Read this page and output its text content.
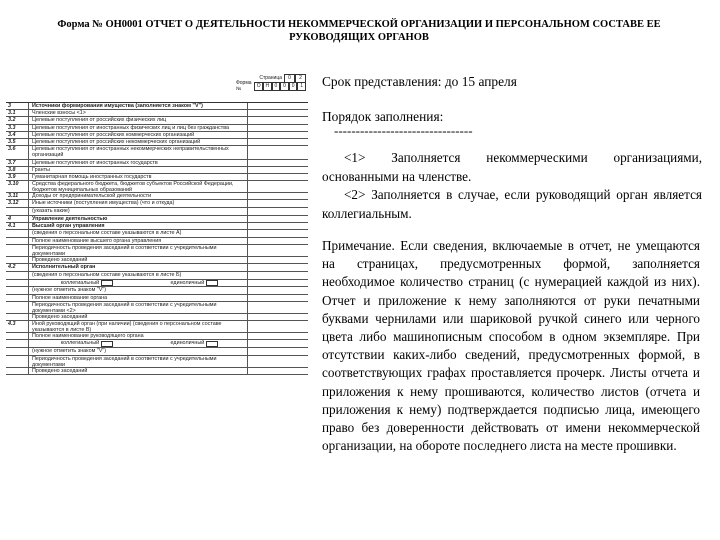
Форма № ОН0001 ОТЧЕТ О ДЕЯТЕЛЬНОСТИ НЕКОММЕРЧЕСКОЙ ОРГАНИЗАЦИИ И ПЕРСОНАЛЬНОМ СОСТАВЕ ЕЕ РУКОВОДЯЩИХ ОРГАНОВ
Страница	0	2
Форма №
О Н	0	0	0	1
3	Источники формирования имущества (заполняется знаком "V")
3.1	Членские взносы <1>
3.2	Целевые поступления от российских физических лиц
3.3	Целевые поступления от иностранных физических лиц и лиц без гражданства
3.4	Целевые поступления от российских коммерческих организаций
3.5	Целевые поступления от российских некоммерческих организаций
3.6	Целевые поступления от иностранных некоммерческих неправительственных организаций
3.7	Целевые поступления от иностранных государств
3.8	Гранты
3.9	Гуманитарная помощь иностранных государств
3.10	Средства федерального бюджета, бюджетов субъектов Российской Федерации, бюджетов муниципальных образований
3.11	Доходы от предпринимательской деятельности
3.12	Иные источники (поступления имущества) (что и откуда)
(указать какие)
4	Управление деятельностью
4.1	Высший орган управления
(сведения о персональном составе указываются в листе А)
Полное наименование высшего органа управления
Периодичность проведения заседаний в соответствии с учредительными документами
Проведено заседаний
4.2	Исполнительный орган
(сведения о персональном составе указываются в листе Б)
коллегиальный	единоличный
(нужное отметить знаком "V")
Полное наименование органа
Периодичность проведения заседаний в соответствии с учредительными документами <2>
Проведено заседаний
4.3	Иной руководящий орган (при наличии) (сведения о персональном составе указываются в листе В)
Полное наименование руководящего органа
коллегиальный	единоличный
(нужное отметить знаком "V")
Периодичность проведения заседаний в соответствии с учредительными документами
Проведено заседаний
Срок представления: до 15 апреля
Порядок заполнения:
--------------------------------
<1> Заполняется некоммерческими организациями, основанными на членстве.
<2> Заполняется в случае, если руководящий орган является коллегиальным.
Примечание. Если сведения, включаемые в отчет, не умещаются на страницах, предусмотренных формой, заполняется необходимое количество страниц (с нумерацией каждой из них). Отчет и приложение к нему заполняются от руки печатными буквами чернилами или шариковой ручкой синего или черного цвета либо машинописным способом в одном экземпляре. При отсутствии каких-либо сведений, предусмотренных формой, в соответствующих графах проставляется прочерк. Листы отчета и приложения к нему прошиваются, количество листов (отчета и приложения к нему) подтверждается подписью лица, имеющего право без доверенности действовать от имени некоммерческой организации, на обороте последнего листа на месте прошивки.
